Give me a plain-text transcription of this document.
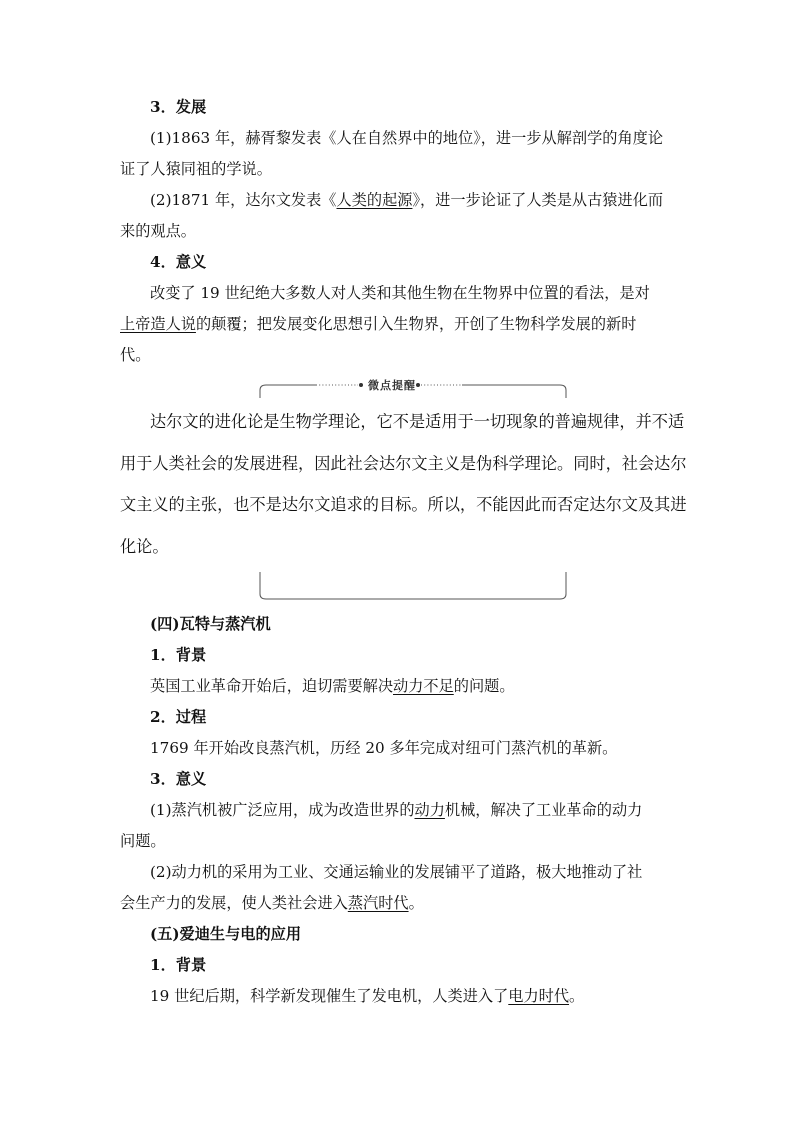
3．发展
(1)1863 年，赫胥黎发表《人在自然界中的地位》，进一步从解剖学的角度论
证了人猿同祖的学说。
(2)1871 年，达尔文发表《人类的起源》，进一步论证了人类是从古猿进化而
来的观点。
4．意义
改变了 19 世纪绝大多数人对人类和其他生物在生物界中位置的看法，是对
上帝造人说的颠覆；把发展变化思想引入生物界，开创了生物科学发展的新时
代。
微点提醒
达尔文的进化论是生物学理论，它不是适用于一切现象的普遍规律，并不适
用于人类社会的发展进程，因此社会达尔文主义是伪科学理论。同时，社会达尔
文主义的主张，也不是达尔文追求的目标。所以，不能因此而否定达尔文及其进
化论。
(四)瓦特与蒸汽机
1．背景
英国工业革命开始后，迫切需要解决动力不足的问题。
2．过程
1769 年开始改良蒸汽机，历经 20 多年完成对纽可门蒸汽机的革新。
3．意义
(1)蒸汽机被广泛应用，成为改造世界的动力机械，解决了工业革命的动力
问题。
(2)动力机的采用为工业、交通运输业的发展铺平了道路，极大地推动了社
会生产力的发展，使人类社会进入蒸汽时代。
(五)爱迪生与电的应用
1．背景
19 世纪后期，科学新发现催生了发电机，人类进入了电力时代。
